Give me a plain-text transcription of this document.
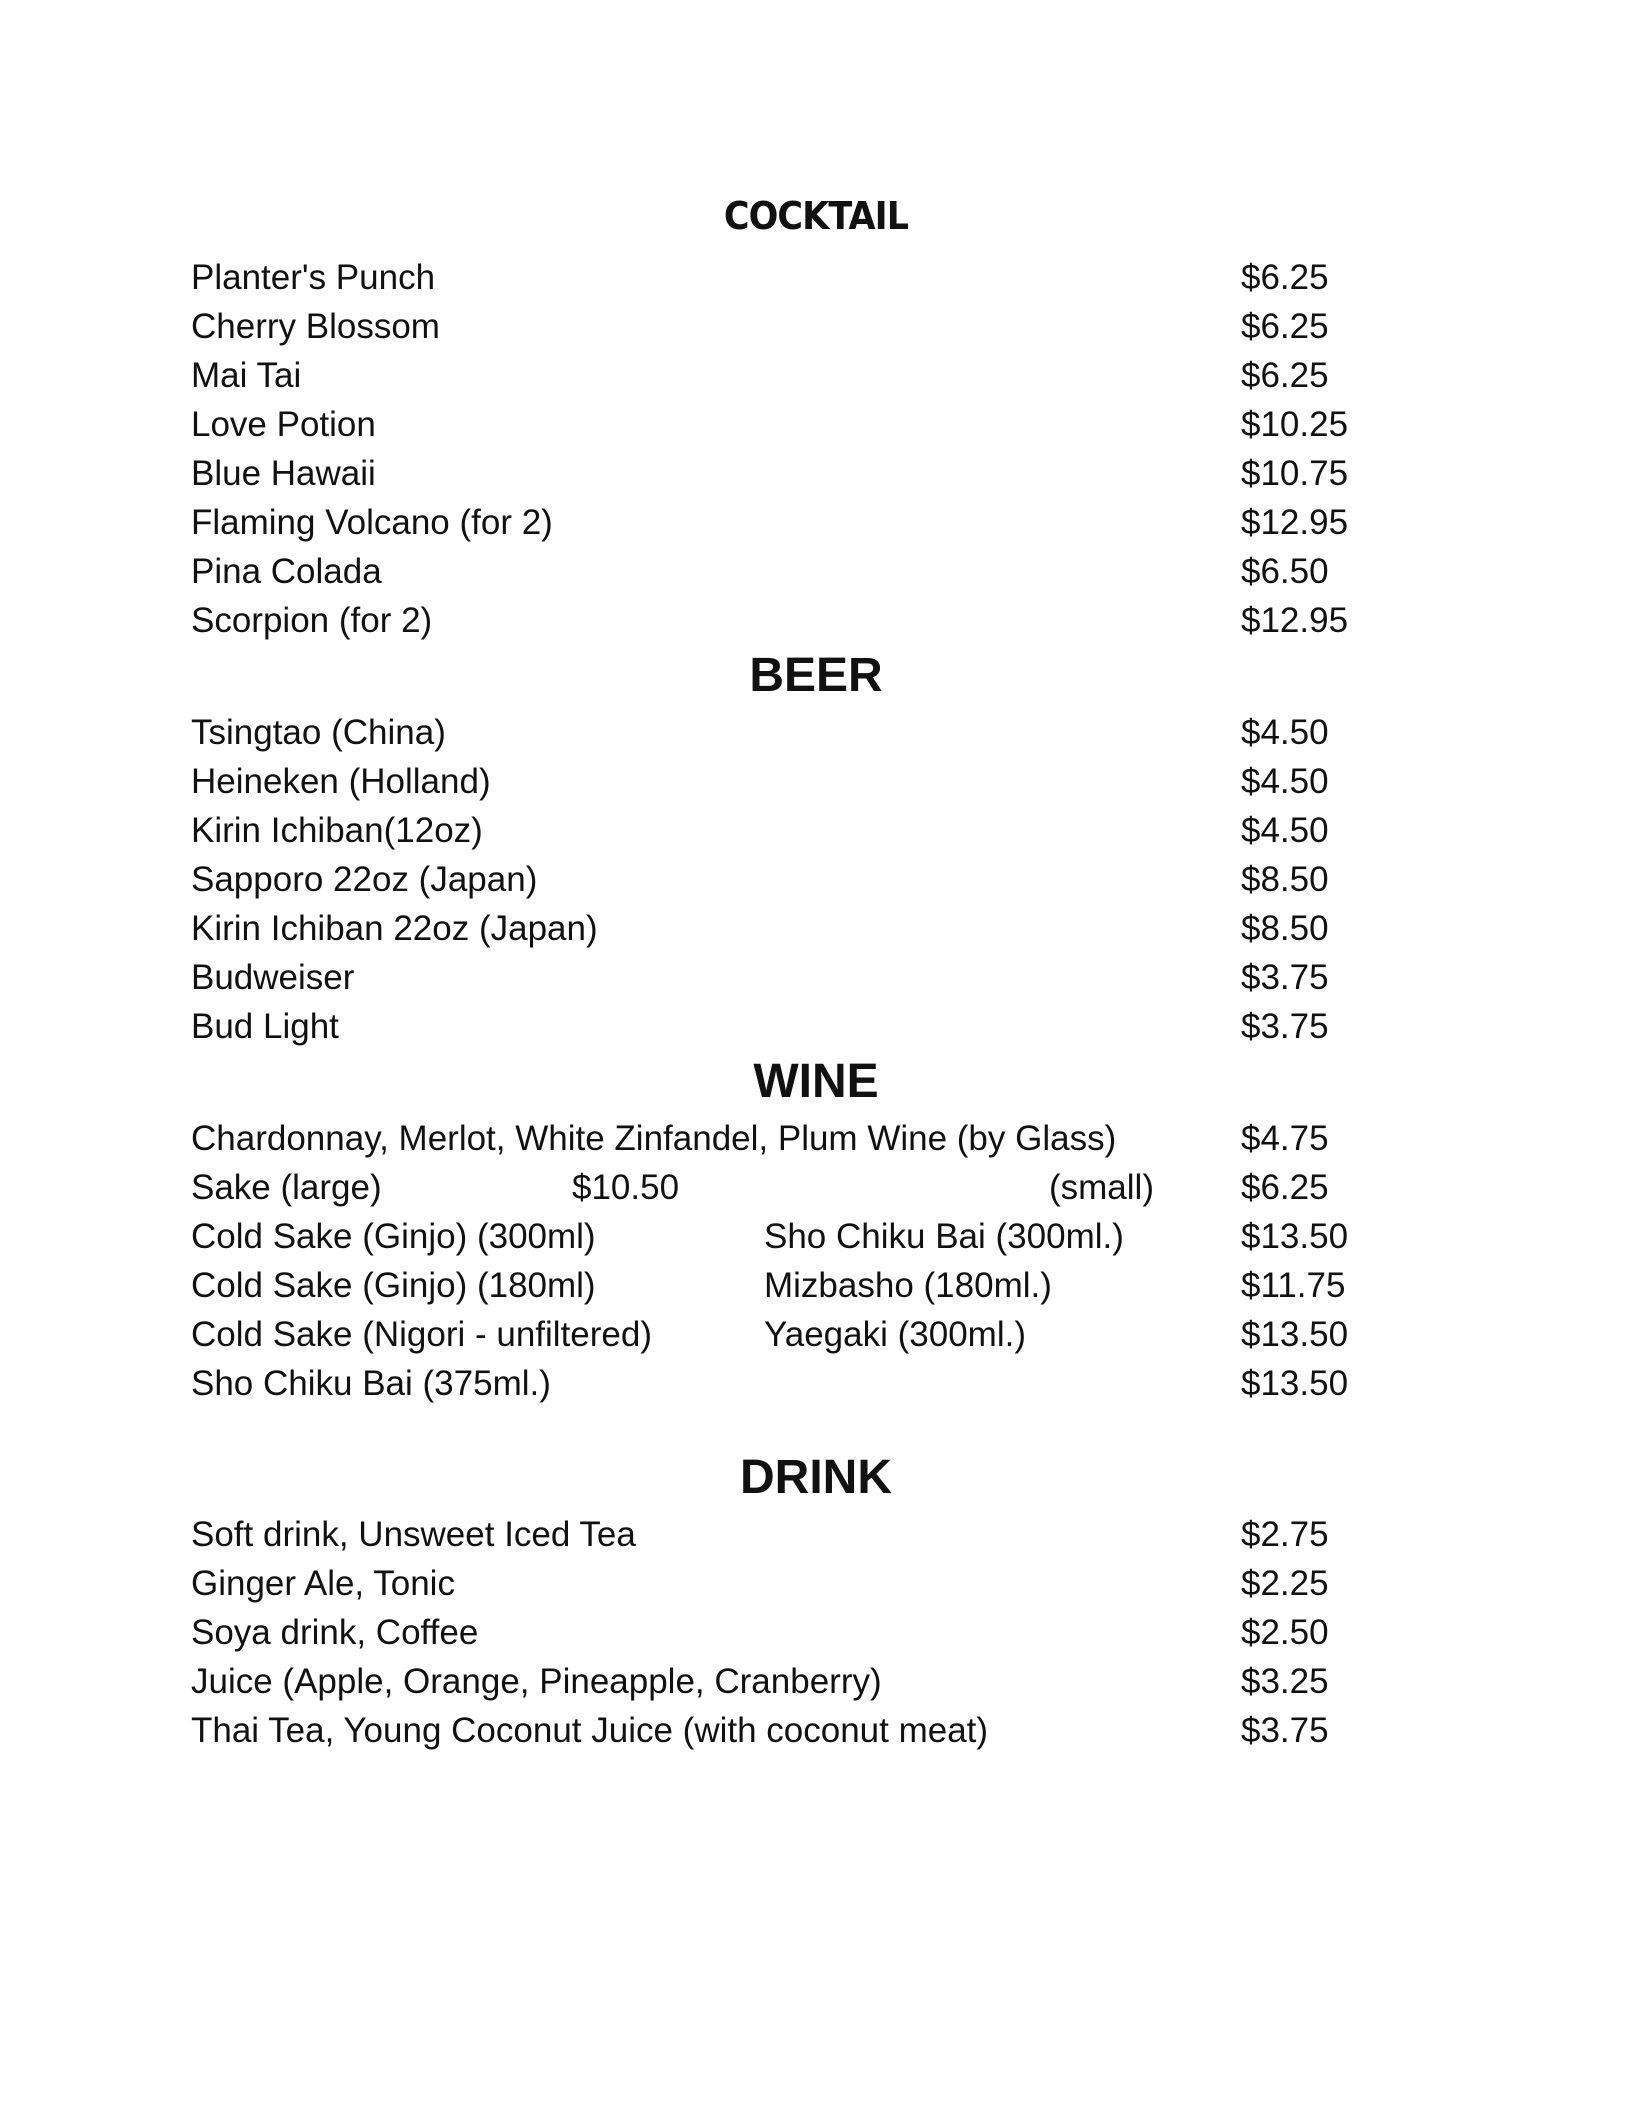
COCKTAIL
Planter's Punch	$6.25
Cherry Blossom	$6.25
Mai Tai	$6.25
Love Potion	$10.25
Blue Hawaii	$10.75
Flaming Volcano (for 2)	$12.95
Pina Colada	$6.50
Scorpion (for 2)	$12.95
BEER
Tsingtao (China)	$4.50
Heineken (Holland)	$4.50
Kirin Ichiban(12oz)	$4.50
Sapporo 22oz (Japan)	$8.50
Kirin Ichiban 22oz (Japan)	$8.50
Budweiser	$3.75
Bud Light	$3.75
WINE
Chardonnay, Merlot, White Zinfandel, Plum Wine (by Glass)	$4.75
Sake (large)	$10.50	(small) $6.25
Cold Sake (Ginjo) (300ml)	Sho Chiku Bai (300ml.)	$13.50
Cold Sake (Ginjo) (180ml)	Mizbasho (180ml.)	$11.75
Cold Sake (Nigori - unfiltered)	Yaegaki (300ml.)	$13.50
Sho Chiku Bai (375ml.)	$13.50
DRINK
Soft drink, Unsweet Iced Tea	$2.75
Ginger Ale, Tonic	$2.25
Soya drink, Coffee	$2.50
Juice (Apple, Orange, Pineapple, Cranberry)	$3.25
Thai Tea, Young Coconut Juice (with coconut meat)	$3.75
